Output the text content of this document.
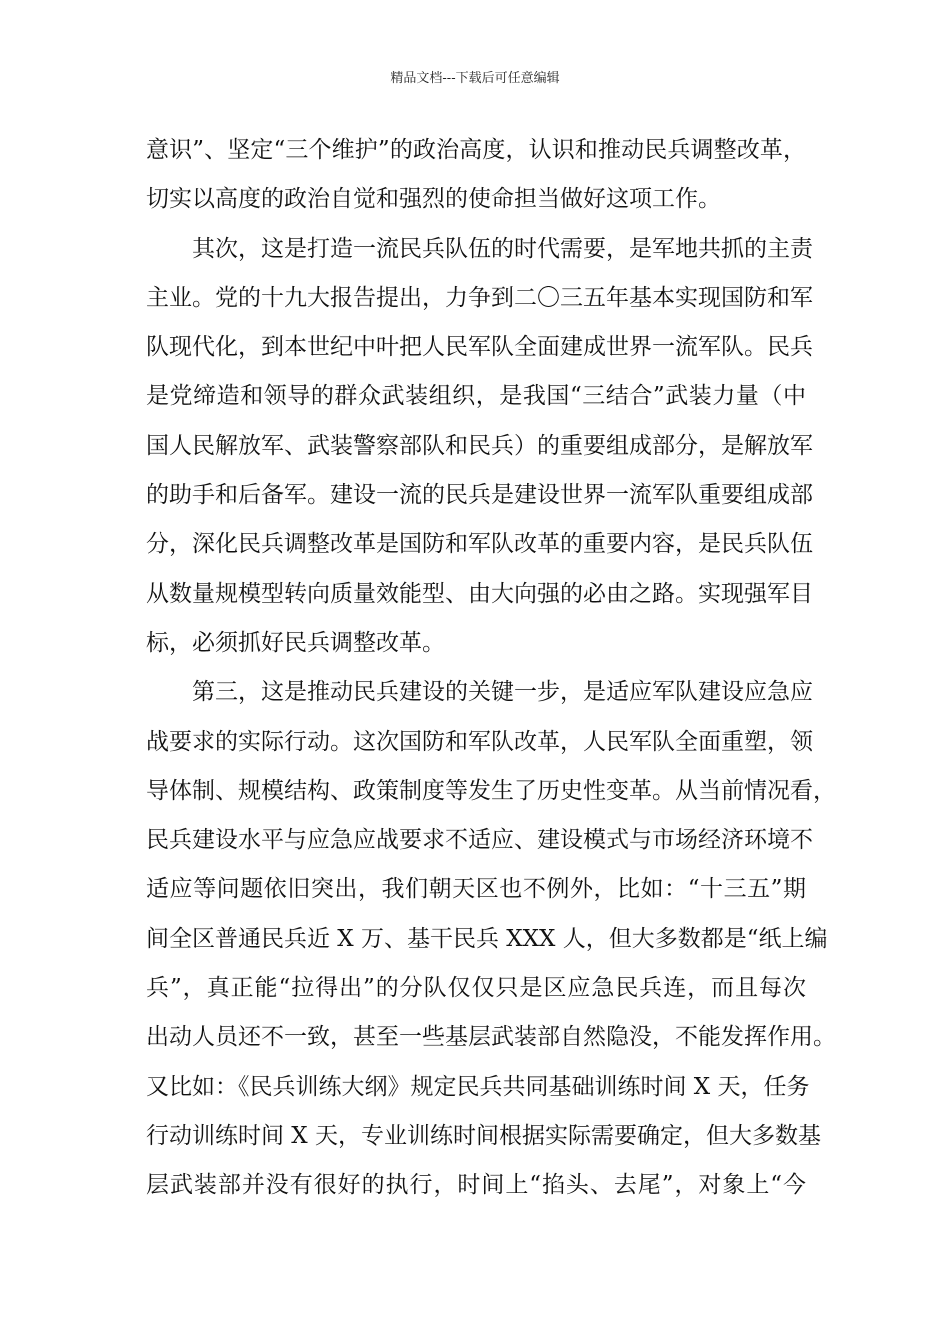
精品文档---下载后可任意编辑
意识”、坚定“三个维护”的政治高度，认识和推动民兵调整改革，
切实以高度的政治自觉和强烈的使命担当做好这项工作。
其次，这是打造一流民兵队伍的时代需要，是军地共抓的主责
主业。党的十九大报告提出，力争到二〇三五年基本实现国防和军
队现代化，到本世纪中叶把人民军队全面建成世界一流军队。民兵
是党缔造和领导的群众武装组织，是我国“三结合”武装力量（中
国人民解放军、武装警察部队和民兵）的重要组成部分，是解放军
的助手和后备军。建设一流的民兵是建设世界一流军队重要组成部
分，深化民兵调整改革是国防和军队改革的重要内容，是民兵队伍
从数量规模型转向质量效能型、由大向强的必由之路。实现强军目
标，必须抓好民兵调整改革。
第三，这是推动民兵建设的关键一步，是适应军队建设应急应
战要求的实际行动。这次国防和军队改革，人民军队全面重塑，领
导体制、规模结构、政策制度等发生了历史性变革。从当前情况看，
民兵建设水平与应急应战要求不适应、建设模式与市场经济环境不
适应等问题依旧突出，我们朝天区也不例外，比如：“十三五”期
间全区普通民兵近 X 万、基干民兵 XXX 人，但大多数都是“纸上编
兵”，真正能“拉得出”的分队仅仅只是区应急民兵连，而且每次
出动人员还不一致，甚至一些基层武装部自然隐没，不能发挥作用。
又比如：《民兵训练大纲》规定民兵共同基础训练时间 X 天，任务
行动训练时间 X 天，专业训练时间根据实际需要确定，但大多数基
层武装部并没有很好的执行，时间上“掐头、去尾”，对象上“今
